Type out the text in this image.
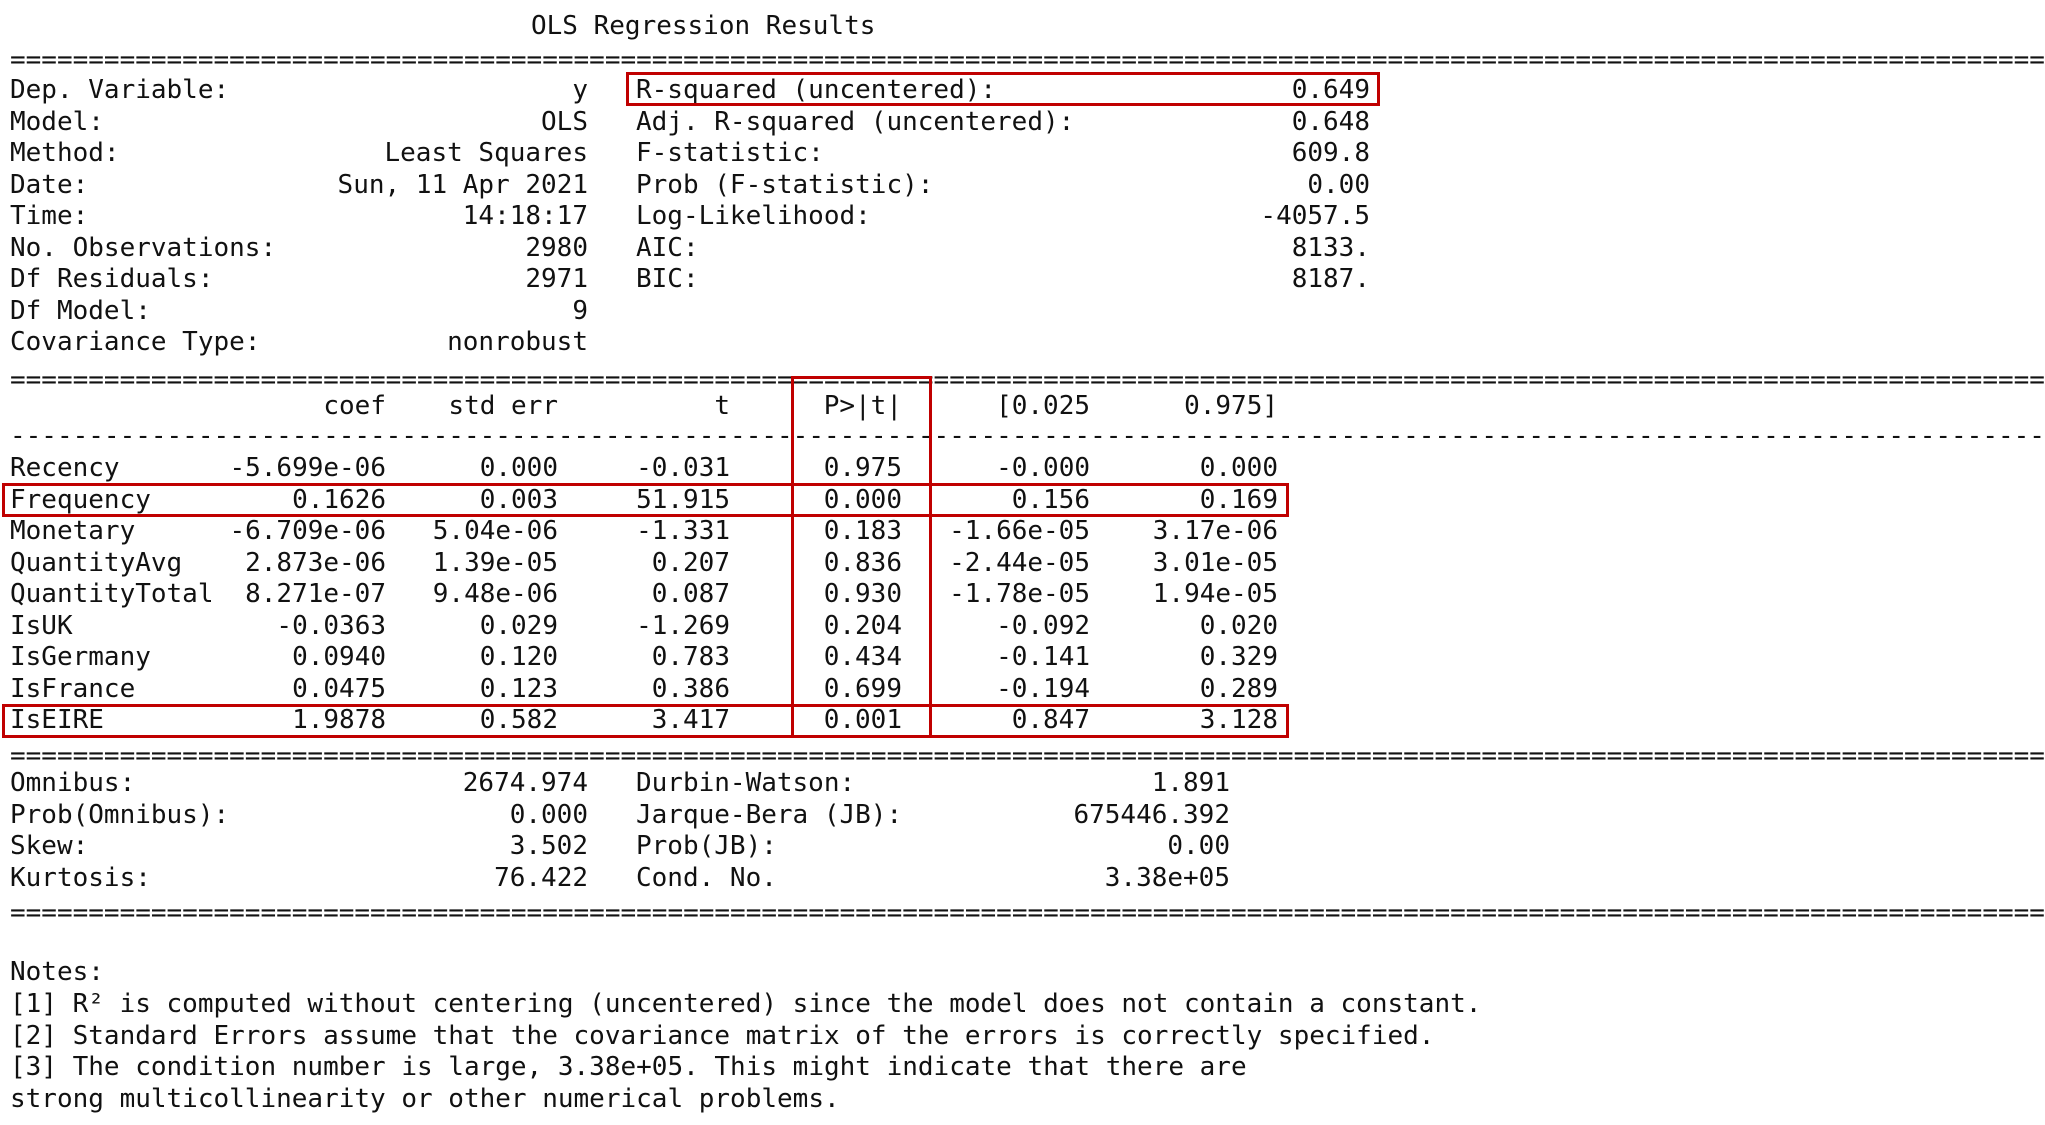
OLS Regression Results
==================================================================================================================================
Dep. Variable:	y
Model:	OLS
Method:	Least Squares
Date:	Sun, 11 Apr 2021
Time:	14:18:17
No. Observations:	2980
Df Residuals:	2971
Df Model:	9
Covariance Type:	nonrobust
R-squared (uncentered):	0.649
Adj. R-squared (uncentered):	0.648
F-statistic:	609.8
Prob (F-statistic):	0.00
Log-Likelihood:	-4057.5
AIC:	8133.
BIC:	8187.
==================================================================================================================================
coef std err	t	P>|t|	[0.025	0.975]
----------------------------------------------------------------------------------------------------------------------------------
Recency	-5.699e-06	0.000	-0.031	0.975	-0.000	0.000
Frequency	0.1626	0.003	51.915	0.000	0.156	0.169
Monetary	-6.709e-06 5.04e-06	-1.331	0.183 -1.66e-05 3.17e-06
QuantityAvg 2.873e-06 1.39e-05	0.207	0.836 -2.44e-05 3.01e-05
QuantityTotal 8.271e-07 9.48e-06	0.087	0.930 -1.78e-05 1.94e-05
IsUK	-0.0363	0.029	-1.269	0.204	-0.092	0.020
IsGermany	0.0940	0.120	0.783	0.434	-0.141	0.329
IsFrance	0.0475	0.123	0.386	0.699	-0.194	0.289
IsEIRE	1.9878	0.582	3.417	0.001	0.847	3.128
==================================================================================================================================
Omnibus:	2674.974
Prob(Omnibus):	0.000
Skew:	3.502
Kurtosis:	76.422
Durbin-Watson:	1.891
Jarque-Bera (JB):	675446.392
Prob(JB):	0.00
Cond. No.	3.38e+05
==================================================================================================================================
Notes:
[1] R² is computed without centering (uncentered) since the model does not contain a constant.
[2] Standard Errors assume that the covariance matrix of the errors is correctly specified.
[3] The condition number is large, 3.38e+05. This might indicate that there are
strong multicollinearity or other numerical problems.
